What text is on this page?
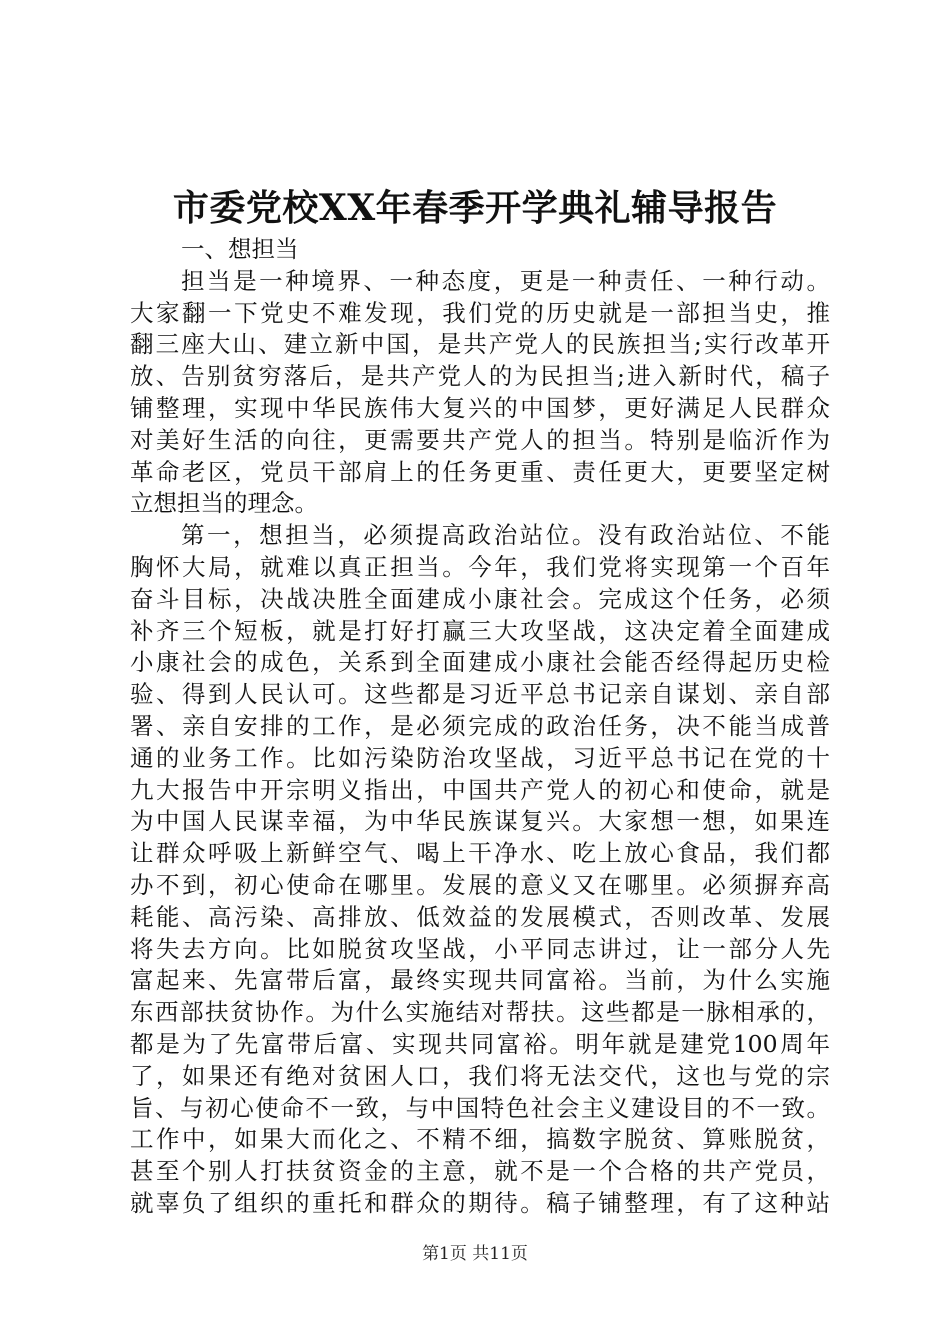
市委党校XX年春季开学典礼辅导报告
一、想担当
担当是一种境界、一种态度，更是一种责任、一种行动。
大家翻一下党史不难发现，我们党的历史就是一部担当史，推
翻三座大山、建立新中国，是共产党人的民族担当;实行改革开
放、告别贫穷落后，是共产党人的为民担当;进入新时代，稿子
铺整理，实现中华民族伟大复兴的中国梦，更好满足人民群众
对美好生活的向往，更需要共产党人的担当。特别是临沂作为
革命老区，党员干部肩上的任务更重、责任更大，更要坚定树
立想担当的理念。
第一，想担当，必须提高政治站位。没有政治站位、不能
胸怀大局，就难以真正担当。今年，我们党将实现第一个百年
奋斗目标，决战决胜全面建成小康社会。完成这个任务，必须
补齐三个短板，就是打好打赢三大攻坚战，这决定着全面建成
小康社会的成色，关系到全面建成小康社会能否经得起历史检
验、得到人民认可。这些都是习近平总书记亲自谋划、亲自部
署、亲自安排的工作，是必须完成的政治任务，决不能当成普
通的业务工作。比如污染防治攻坚战，习近平总书记在党的十
九大报告中开宗明义指出，中国共产党人的初心和使命，就是
为中国人民谋幸福，为中华民族谋复兴。大家想一想，如果连
让群众呼吸上新鲜空气、喝上干净水、吃上放心食品，我们都
办不到，初心使命在哪里。发展的意义又在哪里。必须摒弃高
耗能、高污染、高排放、低效益的发展模式，否则改革、发展
将失去方向。比如脱贫攻坚战，小平同志讲过，让一部分人先
富起来、先富带后富，最终实现共同富裕。当前，为什么实施
东西部扶贫协作。为什么实施结对帮扶。这些都是一脉相承的，
都是为了先富带后富、实现共同富裕。明年就是建党100周年
了，如果还有绝对贫困人口，我们将无法交代，这也与党的宗
旨、与初心使命不一致，与中国特色社会主义建设目的不一致。
工作中，如果大而化之、不精不细，搞数字脱贫、算账脱贫，
甚至个别人打扶贫资金的主意，就不是一个合格的共产党员，
就辜负了组织的重托和群众的期待。稿子铺整理，有了这种站
第1页 共11页
